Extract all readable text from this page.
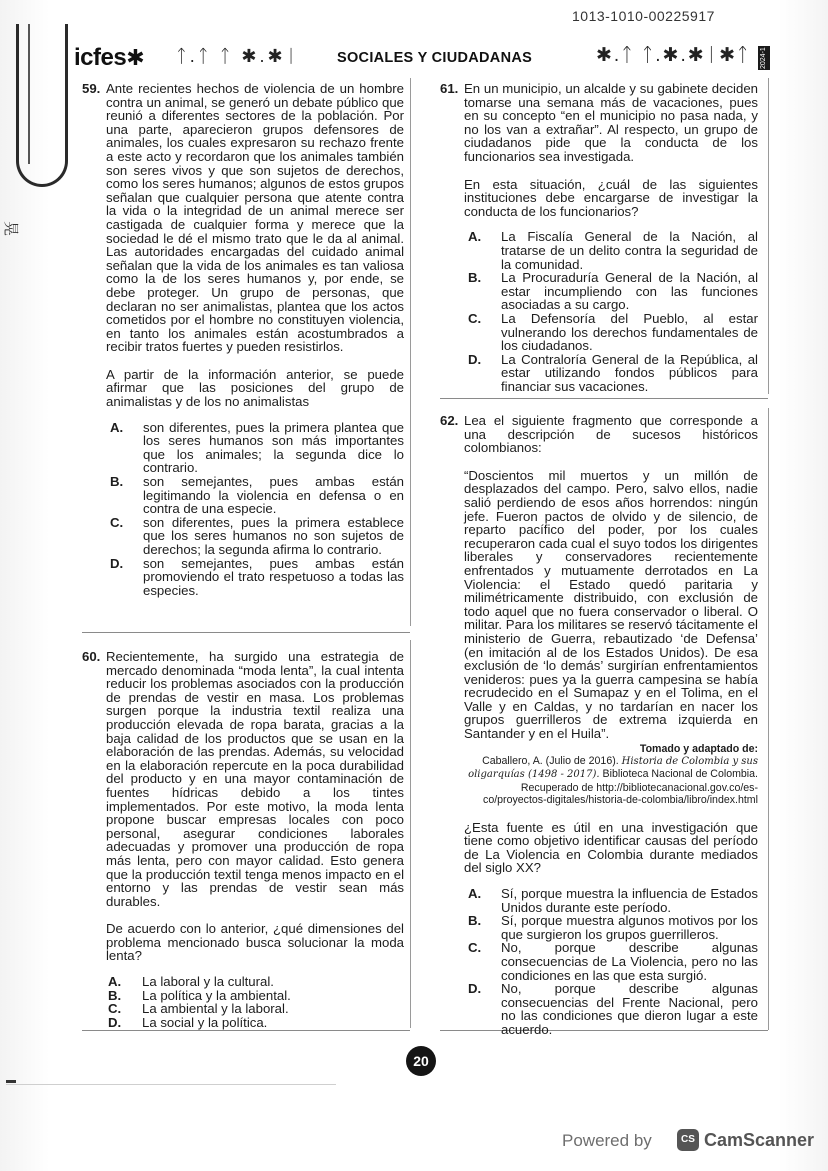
晃
1013-1010-00225917
icfes✱ ᛏ.ᛏ ᛏ ✱.✱ᛁ	SOCIALES Y CIUDADANAS	✱.ᛏ ᛏ.✱.✱ᛁ✱ᛏ 2024-1
59. Ante recientes hechos de violencia de un hombre contra un animal, se generó un debate público que reunió a diferentes sectores de la población. Por una parte, aparecieron grupos defensores de animales, los cuales expresaron su rechazo frente a este acto y recordaron que los animales también son seres vivos y que son sujetos de derechos, como los seres humanos; algunos de estos grupos señalan que cualquier persona que atente contra la vida o la integridad de un animal merece ser castigada de cualquier forma y merece que la sociedad le dé el mismo trato que le da al animal. Las autoridades encargadas del cuidado animal señalan que la vida de los animales es tan valiosa como la de los seres humanos y, por ende, se debe proteger. Un grupo de personas, que declaran no ser animalistas, plantea que los actos cometidos por el hombre no constituyen violencia, en tanto los animales están acostumbrados a recibir tratos fuertes y pueden resistirlos.

A partir de la información anterior, se puede afirmar que las posiciones del grupo de animalistas y de los no animalistas

A. son diferentes, pues la primera plantea que los seres humanos son más importantes que los animales; la segunda dice lo contrario.
B. son semejantes, pues ambas están legitimando la violencia en defensa o en contra de una especie.
C. son diferentes, pues la primera establece que los seres humanos no son sujetos de derechos; la segunda afirma lo contrario.
D. son semejantes, pues ambas están promoviendo el trato respetuoso a todas las especies.
60. Recientemente, ha surgido una estrategia de mercado denominada “moda lenta”, la cual intenta reducir los problemas asociados con la producción de prendas de vestir en masa. Los problemas surgen porque la industria textil realiza una producción elevada de ropa barata, gracias a la baja calidad de los productos que se usan en la elaboración de las prendas. Además, su velocidad en la elaboración repercute en la poca durabilidad del producto y en una mayor contaminación de fuentes hídricas debido a los tintes implementados. Por este motivo, la moda lenta propone buscar empresas locales con poco personal, asegurar condiciones laborales adecuadas y promover una producción de ropa más lenta, pero con mayor calidad. Esto genera que la producción textil tenga menos impacto en el entorno y las prendas de vestir sean más durables.

De acuerdo con lo anterior, ¿qué dimensiones del problema mencionado busca solucionar la moda lenta?

A. La laboral y la cultural.
B. La política y la ambiental.
C. La ambiental y la laboral.
D. La social y la política.
61. En un municipio, un alcalde y su gabinete deciden tomarse una semana más de vacaciones, pues en su concepto “en el municipio no pasa nada, y no los van a extrañar”. Al respecto, un grupo de ciudadanos pide que la conducta de los funcionarios sea investigada.

En esta situación, ¿cuál de las siguientes instituciones debe encargarse de investigar la conducta de los funcionarios?

A. La Fiscalía General de la Nación, al tratarse de un delito contra la seguridad de la comunidad.
B. La Procuraduría General de la Nación, al estar incumpliendo con las funciones asociadas a su cargo.
C. La Defensoría del Pueblo, al estar vulnerando los derechos fundamentales de los ciudadanos.
D. La Contraloría General de la República, al estar utilizando fondos públicos para financiar sus vacaciones.
62. Lea el siguiente fragmento que corresponde a una descripción de sucesos históricos colombianos:

“Doscientos mil muertos y un millón de desplazados del campo. Pero, salvo ellos, nadie salió perdiendo de esos años horrendos: ningún jefe. Fueron pactos de olvido y de silencio, de reparto pacífico del poder, por los cuales recuperaron cada cual el suyo todos los dirigentes liberales y conservadores recientemente enfrentados y mutuamente derrotados en La Violencia: el Estado quedó paritaria y milimétricamente distribuido, con exclusión de todo aquel que no fuera conservador o liberal. O militar. Para los militares se reservó tácitamente el ministerio de Guerra, rebautizado ‘de Defensa’ (en imitación al de los Estados Unidos). De esa exclusión de ‘lo demás’ surgirían enfrentamientos venideros: pues ya la guerra campesina se había recrudecido en el Sumapaz y en el Tolima, en el Valle y en Caldas, y no tardarían en nacer los grupos guerrilleros de extrema izquierda en Santander y en el Huila”.

Tomado y adaptado de:
Caballero, A. (Julio de 2016). Historia de Colombia y sus oligarquías (1498 - 2017). Biblioteca Nacional de Colombia. Recuperado de http://bibliotecanacional.gov.co/es-co/proyectos-digitales/historia-de-colombia/libro/index.html

¿Esta fuente es útil en una investigación que tiene como objetivo identificar causas del período de La Violencia en Colombia durante mediados del siglo XX?

A. Sí, porque muestra la influencia de Estados Unidos durante este período.
B. Sí, porque muestra algunos motivos por los que surgieron los grupos guerrilleros.
C. No, porque describe algunas consecuencias de La Violencia, pero no las condiciones en las que esta surgió.
D. No, porque describe algunas consecuencias del Frente Nacional, pero no las condiciones que dieron lugar a este acuerdo.
20
Powered by	CS CamScanner
